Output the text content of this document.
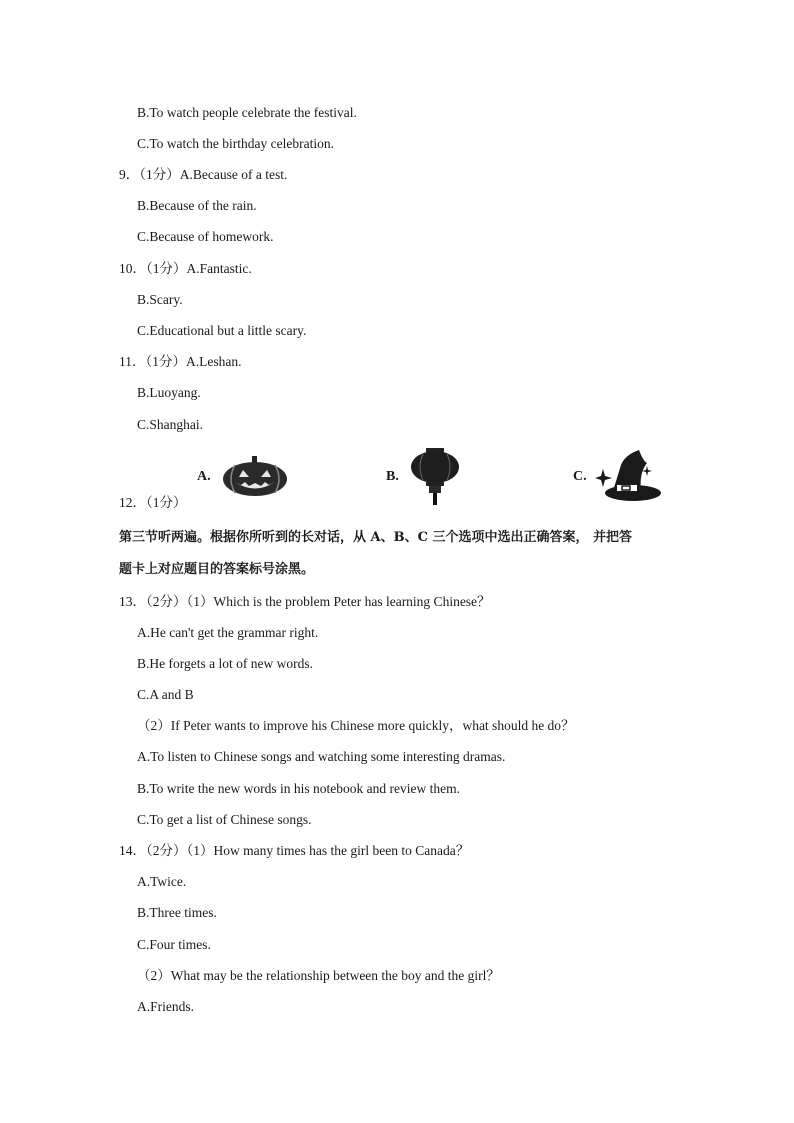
B.To watch people celebrate the festival.
C.To watch the birthday celebration.
9．（1分）A.Because of a test.
B.Because of the rain.
C.Because of homework.
10．（1分）A.Fantastic.
B.Scary.
C.Educational but a little scary.
11．（1分）A.Leshan.
B.Luoyang.
C.Shanghai.
A.	B.	C.
12．（1分）
第三节听两遍。根据你所听到的长对话，从 A、B、C 三个选项中选出正确答案， 并把答
题卡上对应题目的答案标号涂黑。
13．（2分）（1）Which is the problem Peter has learning Chinese？
A.He can't get the grammar right.
B.He forgets a lot of new words.
C.A and B
（2）If Peter wants to improve his Chinese more quickly，what should he do？
A.To listen to Chinese songs and watching some interesting dramas.
B.To write the new words in his notebook and review them.
C.To get a list of Chinese songs.
14．（2分）（1）How many times has the girl been to Canada？
A.Twice.
B.Three times.
C.Four times.
（2）What may be the relationship between the boy and the girl？
A.Friends.
